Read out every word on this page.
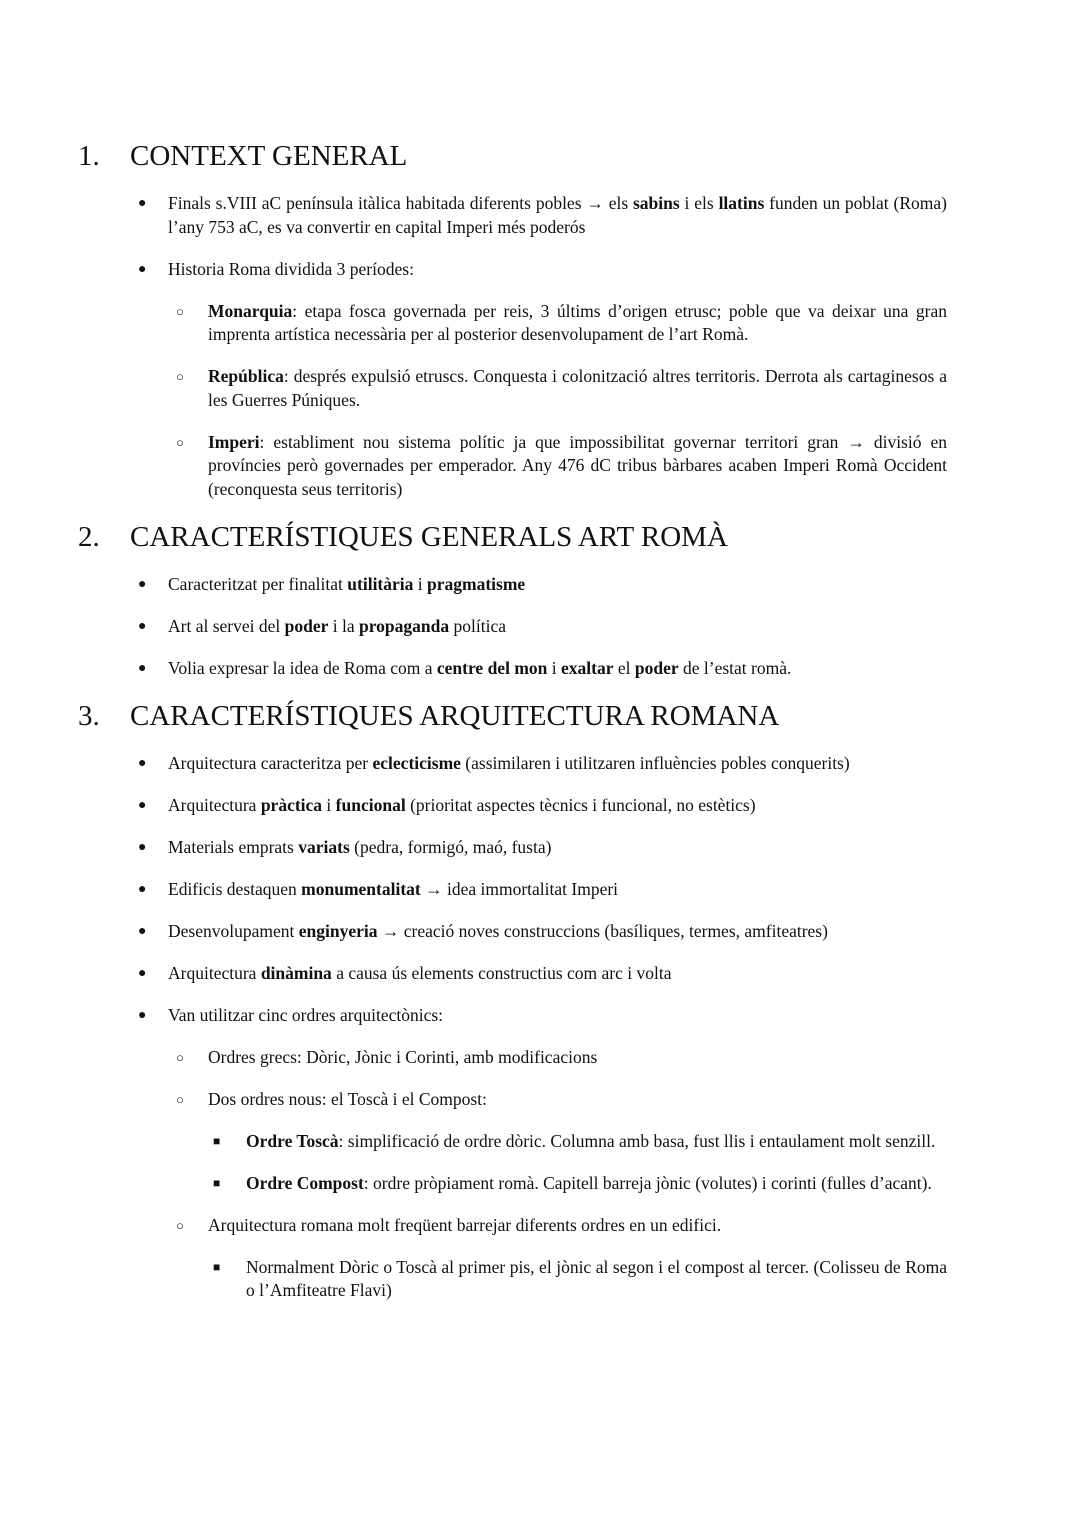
1. CONTEXT GENERAL
● Finals s.VIII aC península itàlica habitada diferents pobles → els sabins i els llatins funden un poblat (Roma) l’any 753 aC, es va convertir en capital Imperi més poderós
● Historia Roma dividida 3 períodes:
○ Monarquia: etapa fosca governada per reis, 3 últims d’origen etrusc; poble que va deixar una gran imprenta artística necessària per al posterior desenvolupament de l’art Romà.
○ República: després expulsió etruscs. Conquesta i colonització altres territoris. Derrota als cartaginesos a les Guerres Púniques.
○ Imperi: establiment nou sistema polític ja que impossibilitat governar territori gran → divisió en províncies però governades per emperador. Any 476 dC tribus bàrbares acaben Imperi Romà Occident (reconquesta seus territoris)
2. CARACTERÍSTIQUES GENERALS ART ROMÀ
● Caracteritzat per finalitat utilitària i pragmatisme
● Art al servei del poder i la propaganda política
● Volia expresar la idea de Roma com a centre del mon i exaltar el poder de l’estat romà.
3. CARACTERÍSTIQUES ARQUITECTURA ROMANA
● Arquitectura caracteritza per eclecticisme (assimilaren i utilitzaren influències pobles conquerits)
● Arquitectura pràctica i funcional (prioritat aspectes tècnics i funcional, no estètics)
● Materials emprats variats (pedra, formigó, maó, fusta)
● Edificis destaquen monumentalitat → idea immortalitat Imperi
● Desenvolupament enginyeria → creació noves construccions (basíliques, termes, amfiteatres)
● Arquitectura dinàmina a causa ús elements constructius com arc i volta
● Van utilitzar cinc ordres arquitectònics:
○ Ordres grecs: Dòric, Jònic i Corinti, amb modificacions
○ Dos ordres nous: el Toscà i el Compost:
■ Ordre Toscà: simplificació de ordre dòric. Columna amb basa, fust llis i entaulament molt senzill.
■ Ordre Compost: ordre pròpiament romà. Capitell barreja jònic (volutes) i corinti (fulles d’acant).
○ Arquitectura romana molt freqüent barrejar diferents ordres en un edifici.
■ Normalment Dòric o Toscà al primer pis, el jònic al segon i el compost al tercer. (Colisseu de Roma o l’Amfiteatre Flavi)
